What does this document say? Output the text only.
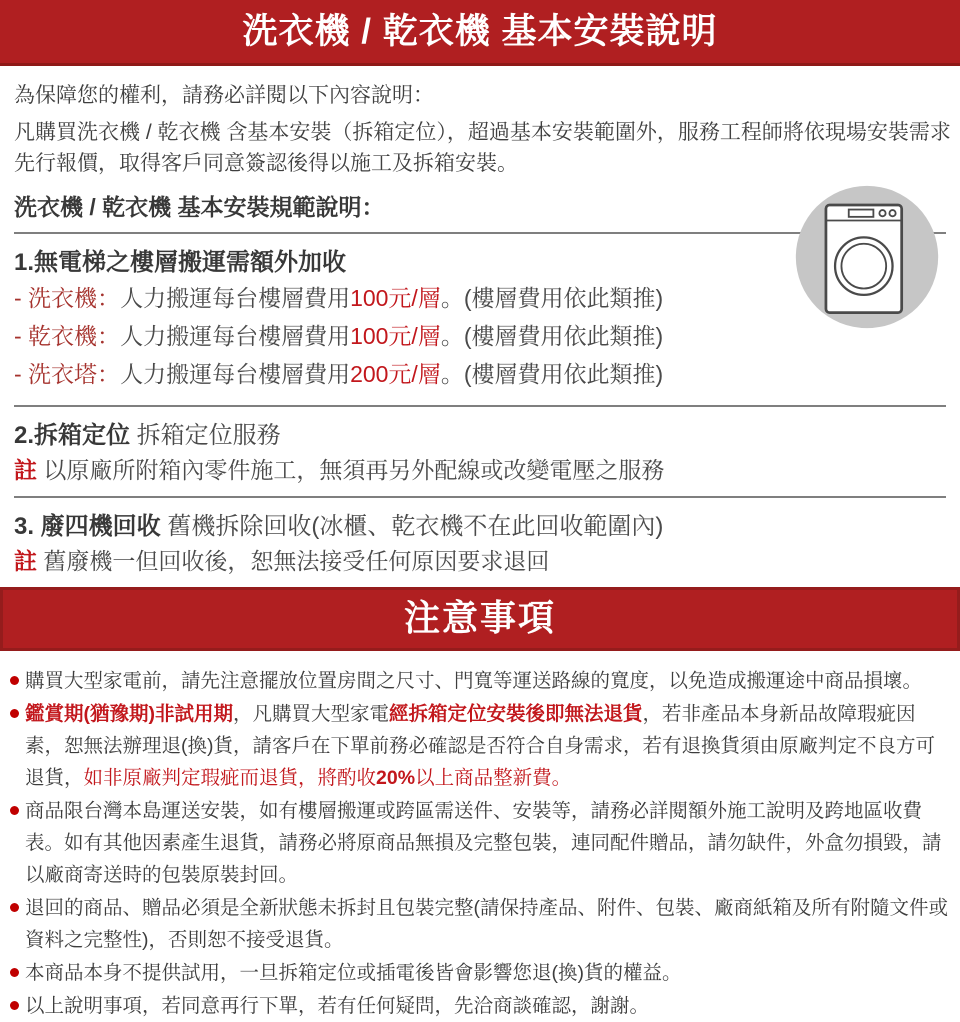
洗衣機 / 乾衣機 基本安裝說明
為保障您的權利，請務必詳閱以下內容說明：
凡購買洗衣機 / 乾衣機 含基本安裝（拆箱定位），超過基本安裝範圍外，服務工程師將依現場安裝需求先行報價，取得客戶同意簽認後得以施工及拆箱安裝。
洗衣機 / 乾衣機 基本安裝規範說明：
1.無電梯之樓層搬運需額外加收
- 洗衣機：人力搬運每台樓層費用100元/層。(樓層費用依此類推)
- 乾衣機：人力搬運每台樓層費用100元/層。(樓層費用依此類推)
- 洗衣塔：人力搬運每台樓層費用200元/層。(樓層費用依此類推)
2.拆箱定位 拆箱定位服務
註 以原廠所附箱內零件施工，無須再另外配線或改變電壓之服務
3. 廢四機回收 舊機拆除回收(冰櫃、乾衣機不在此回收範圍內)
註 舊廢機一但回收後，恕無法接受任何原因要求退回
注意事項
購買大型家電前，請先注意擺放位置房間之尺寸、門寬等運送路線的寬度，以免造成搬運途中商品損壞。
鑑賞期(猶豫期)非試用期，凡購買大型家電經拆箱定位安裝後即無法退貨，若非產品本身新品故障瑕疵因素，恕無法辦理退(換)貨，請客戶在下單前務必確認是否符合自身需求，若有退換貨須由原廠判定不良方可退貨，如非原廠判定瑕疵而退貨，將酌收20%以上商品整新費。
商品限台灣本島運送安裝，如有樓層搬運或跨區需送件、安裝等，請務必詳閱額外施工說明及跨地區收費表。如有其他因素產生退貨，請務必將原商品無損及完整包裝，連同配件贈品，請勿缺件，外盒勿損毀，請以廠商寄送時的包裝原裝封回。
退回的商品、贈品必須是全新狀態未拆封且包裝完整(請保持產品、附件、包裝、廠商紙箱及所有附隨文件或資料之完整性)，否則恕不接受退貨。
本商品本身不提供試用，一旦拆箱定位或插電後皆會影響您退(換)貨的權益。
以上說明事項，若同意再行下單，若有任何疑問，先洽商談確認，謝謝。
